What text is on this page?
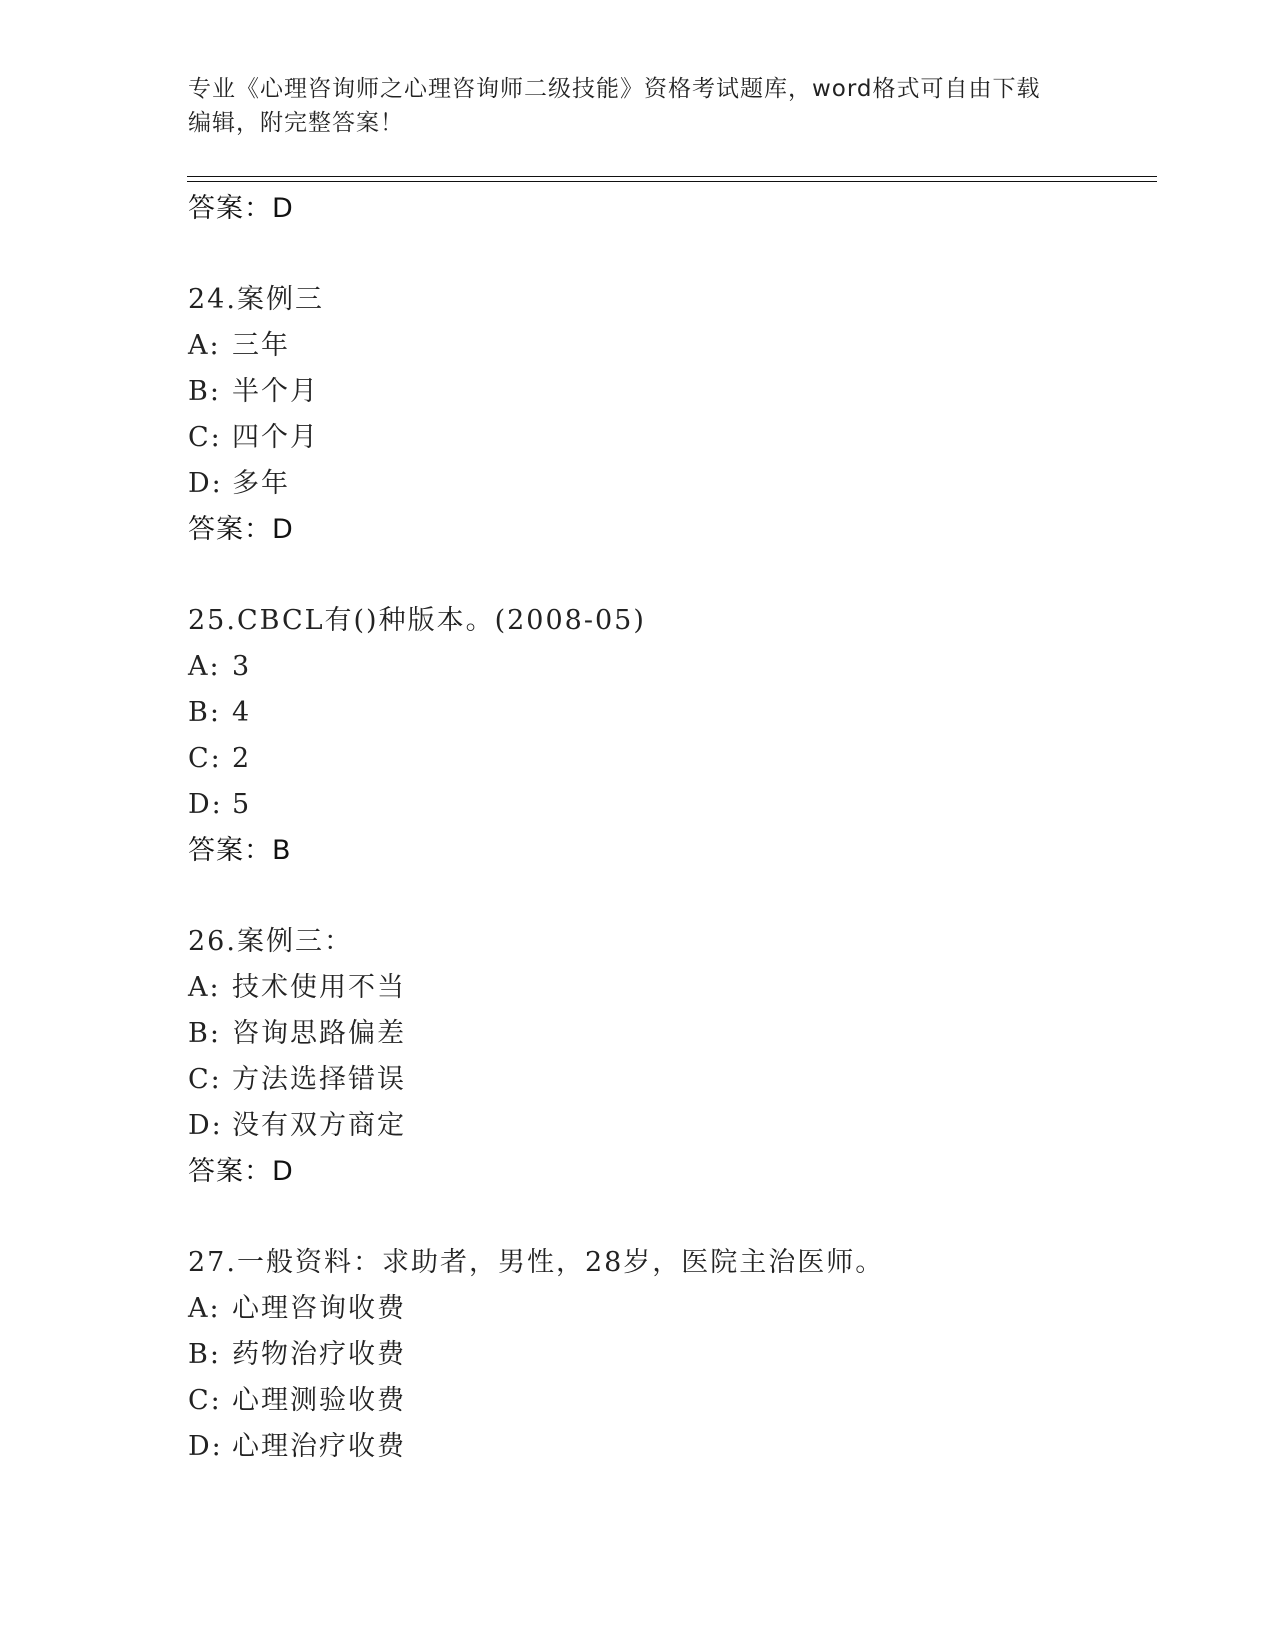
专业《心理咨询师之心理咨询师二级技能》资格考试题库，word格式可自由下载
编辑，附完整答案！
答案：D
24.案例三
A: 三年
B: 半个月
C: 四个月
D: 多年
答案：D
25.CBCL有()种版本。(2008-05)
A: 3
B: 4
C: 2
D: 5
答案：B
26.案例三：
A: 技术使用不当
B: 咨询思路偏差
C: 方法选择错误
D: 没有双方商定
答案：D
27.一般资料：求助者，男性，28岁，医院主治医师。
A: 心理咨询收费
B: 药物治疗收费
C: 心理测验收费
D: 心理治疗收费
